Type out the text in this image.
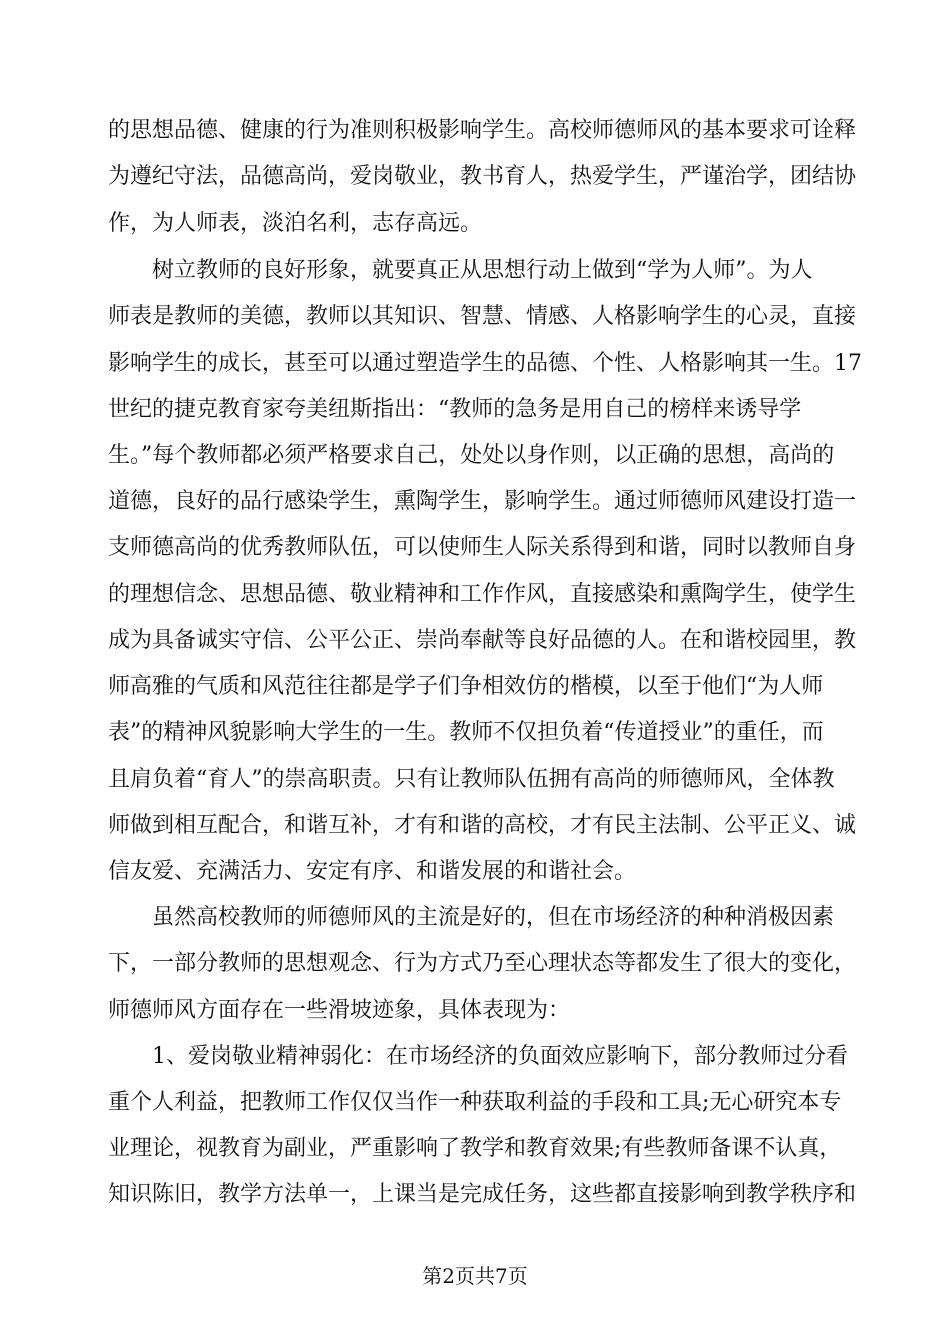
的思想品德、健康的行为准则积极影响学生。高校师德师风的基本要求可诠释
为遵纪守法，品德高尚，爱岗敬业，教书育人，热爱学生，严谨治学，团结协
作，为人师表，淡泊名利，志存高远。
　　树立教师的良好形象，就要真正从思想行动上做到“学为人师”。为人
师表是教师的美德，教师以其知识、智慧、情感、人格影响学生的心灵，直接
影响学生的成长，甚至可以通过塑造学生的品德、个性、人格影响其一生。17
世纪的捷克教育家夸美纽斯指出：“教师的急务是用自己的榜样来诱导学
生。”每个教师都必须严格要求自己，处处以身作则，以正确的思想，高尚的
道德，良好的品行感染学生，熏陶学生，影响学生。通过师德师风建设打造一
支师德高尚的优秀教师队伍，可以使师生人际关系得到和谐，同时以教师自身
的理想信念、思想品德、敬业精神和工作作风，直接感染和熏陶学生，使学生
成为具备诚实守信、公平公正、崇尚奉献等良好品德的人。在和谐校园里，教
师高雅的气质和风范往往都是学子们争相效仿的楷模，以至于他们“为人师
表”的精神风貌影响大学生的一生。教师不仅担负着“传道授业”的重任，而
且肩负着“育人”的崇高职责。只有让教师队伍拥有高尚的师德师风，全体教
师做到相互配合，和谐互补，才有和谐的高校，才有民主法制、公平正义、诚
信友爱、充满活力、安定有序、和谐发展的和谐社会。
　　虽然高校教师的师德师风的主流是好的，但在市场经济的种种消极因素
下，一部分教师的思想观念、行为方式乃至心理状态等都发生了很大的变化，
师德师风方面存在一些滑坡迹象，具体表现为：
　　1、爱岗敬业精神弱化：在市场经济的负面效应影响下，部分教师过分看
重个人利益，把教师工作仅仅当作一种获取利益的手段和工具;无心研究本专
业理论，视教育为副业，严重影响了教学和教育效果;有些教师备课不认真，
知识陈旧，教学方法单一，上课当是完成任务，这些都直接影响到教学秩序和
第2页共7页
